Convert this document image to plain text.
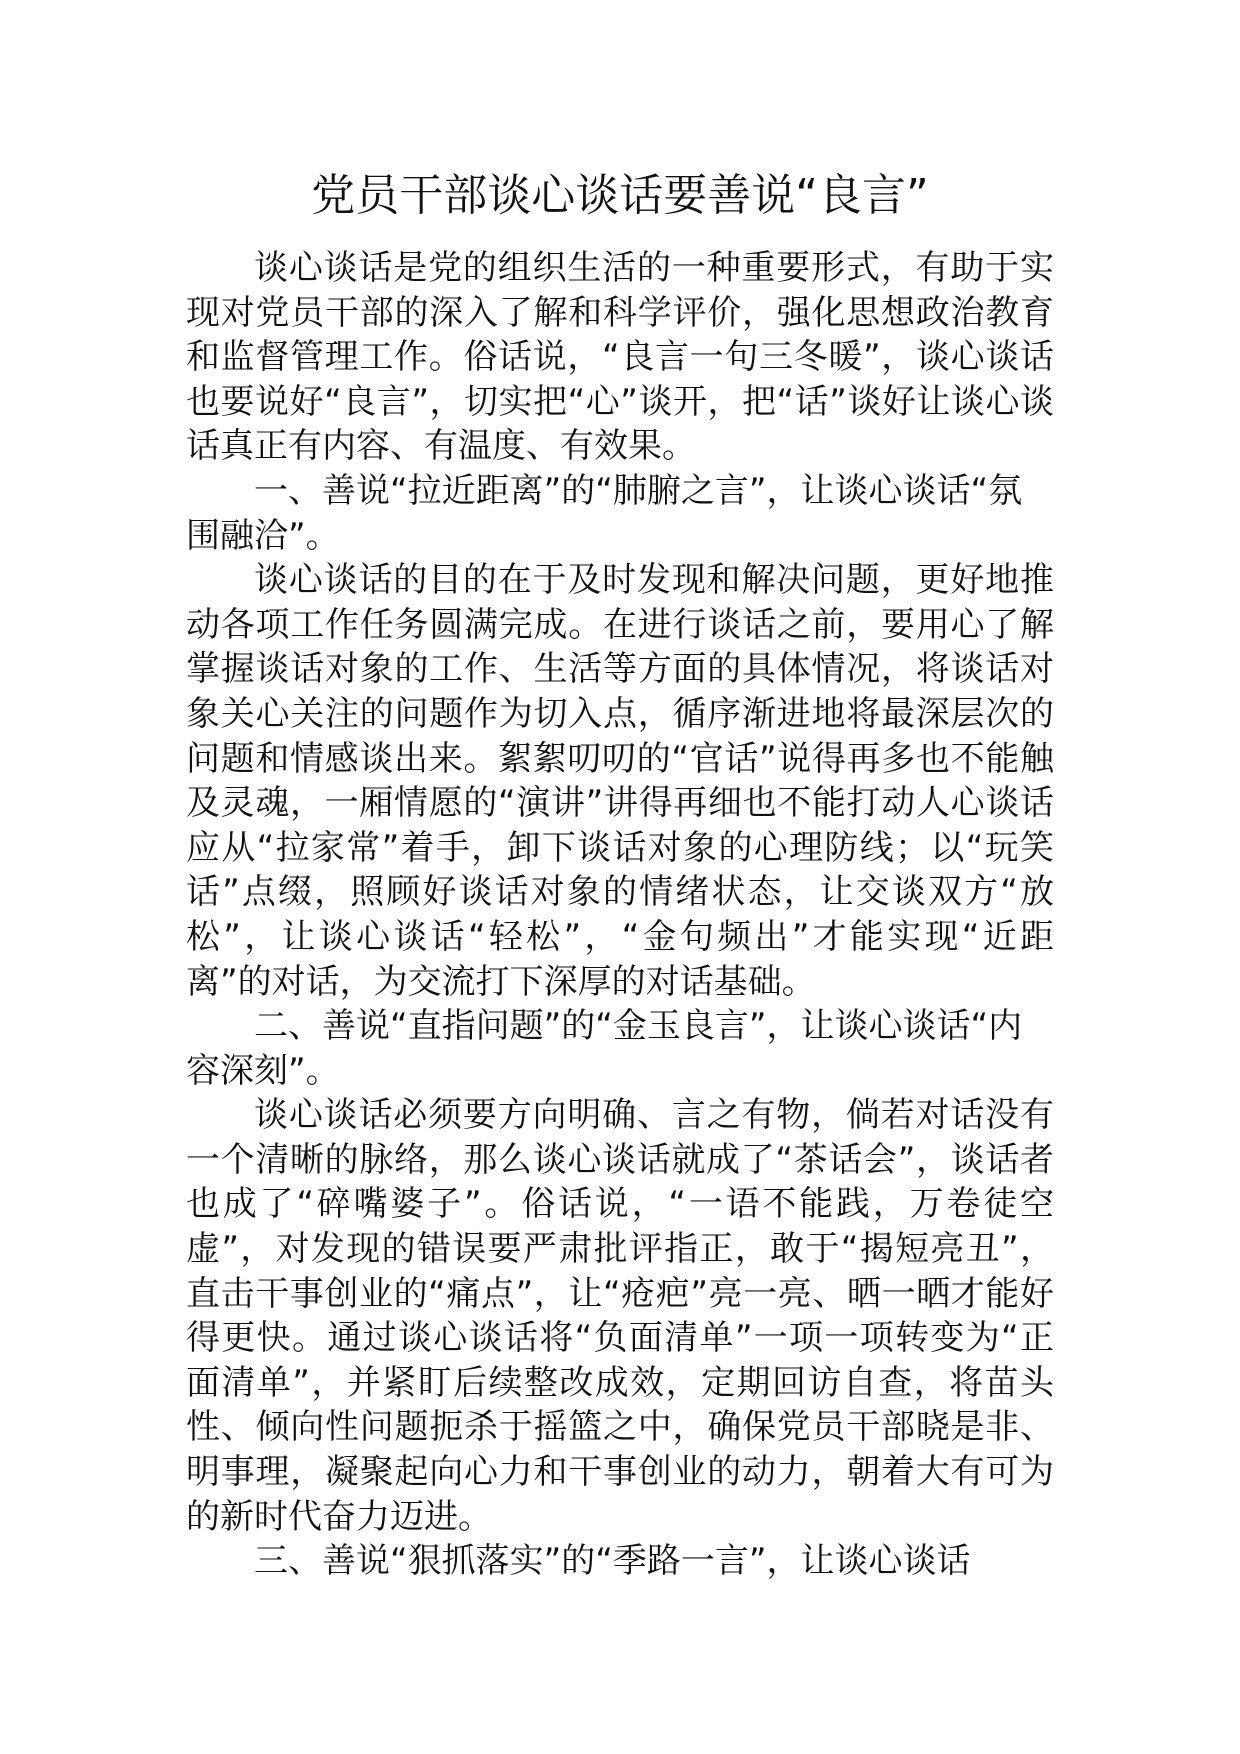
党员干部谈心谈话要善说“良言”

谈心谈话是党的组织生活的一种重要形式，有助于实现对党员干部的深入了解和科学评价，强化思想政治教育和监督管理工作。俗话说，“良言一句三冬暖”，谈心谈话也要说好“良言”，切实把“心”谈开，把“话”谈好让谈心谈话真正有内容、有温度、有效果。

一、善说“拉近距离”的“肺腑之言”，让谈心谈话“氛围融洽”。

谈心谈话的目的在于及时发现和解决问题，更好地推动各项工作任务圆满完成。在进行谈话之前，要用心了解掌握谈话对象的工作、生活等方面的具体情况，将谈话对象关心关注的问题作为切入点，循序渐进地将最深层次的问题和情感谈出来。絮絮叨叨的“官话”说得再多也不能触及灵魂，一厢情愿的“演讲”讲得再细也不能打动人心谈话应从“拉家常”着手，卸下谈话对象的心理防线；以“玩笑话”点缀，照顾好谈话对象的情绪状态，让交谈双方“放松”，让谈心谈话“轻松”，“金句频出”才能实现“近距离”的对话，为交流打下深厚的对话基础。

二、善说“直指问题”的“金玉良言”，让谈心谈话“内容深刻”。

谈心谈话必须要方向明确、言之有物，倘若对话没有一个清晰的脉络，那么谈心谈话就成了“茶话会”，谈话者也成了“碎嘴婆子”。俗话说，“一语不能践，万卷徒空虚”，对发现的错误要严肃批评指正，敢于“揭短亮丑”，直击干事创业的“痛点”，让“疮疤”亮一亮、晒一晒才能好得更快。通过谈心谈话将“负面清单”一项一项转变为“正面清单”，并紧盯后续整改成效，定期回访自查，将苗头性、倾向性问题扼杀于摇篮之中，确保党员干部晓是非、明事理，凝聚起向心力和干事创业的动力，朝着大有可为的新时代奋力迈进。

三、善说“狠抓落实”的“季路一言”，让谈心谈话
